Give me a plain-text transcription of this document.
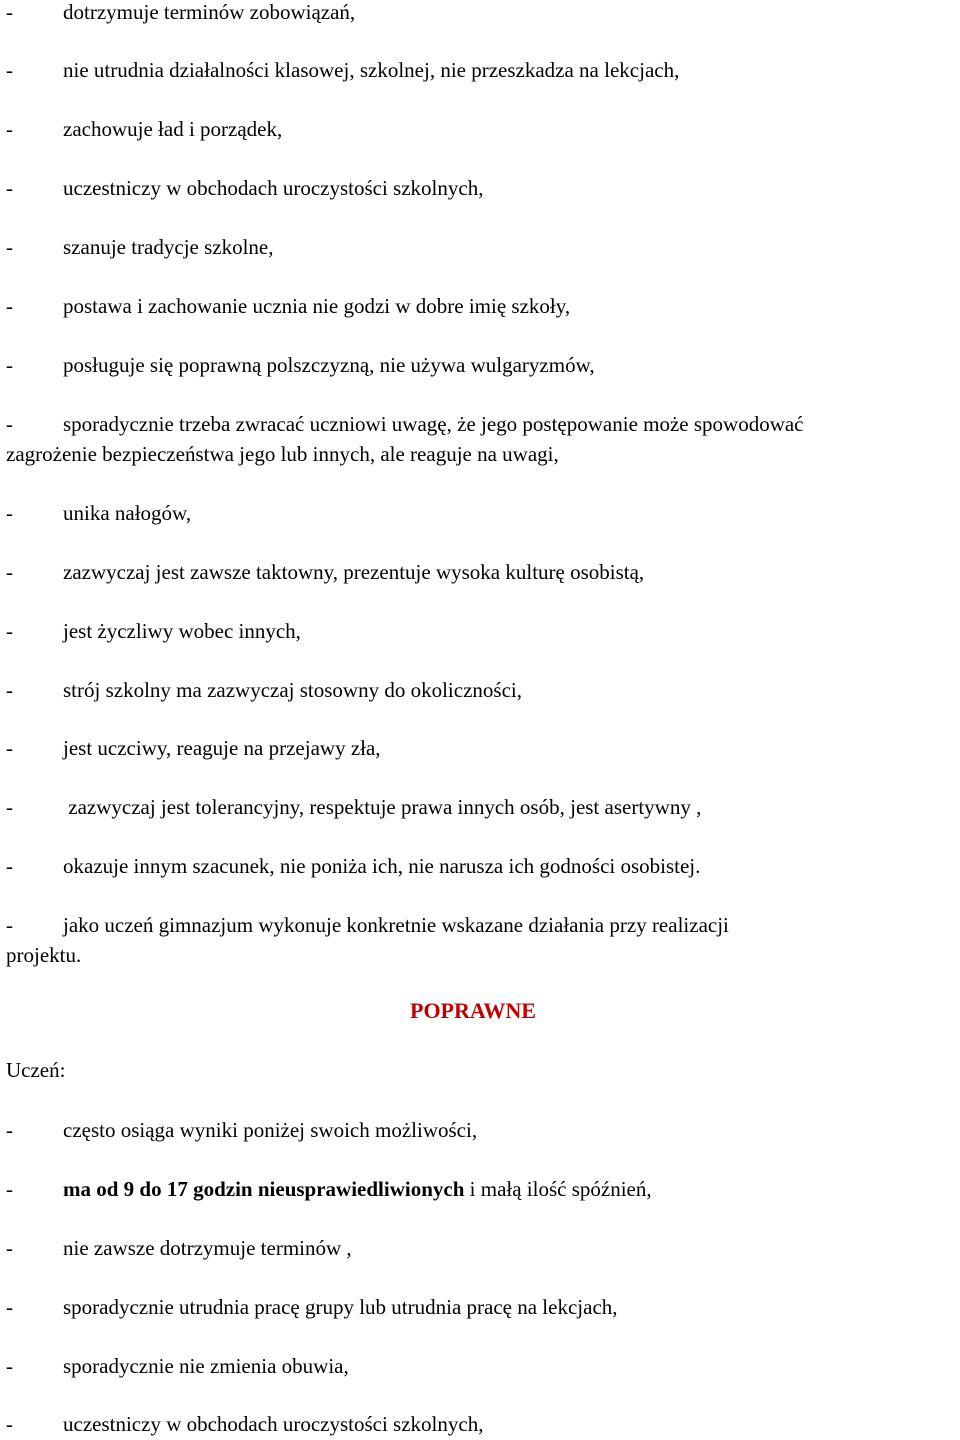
- dotrzymuje terminów zobowiązań,
- nie utrudnia działalności klasowej, szkolnej, nie przeszkadza na lekcjach,
- zachowuje ład i porządek,
- uczestniczy w obchodach uroczystości szkolnych,
- szanuje tradycje szkolne,
- postawa i zachowanie ucznia nie godzi w dobre imię szkoły,
- posługuje się poprawną polszczyzną, nie używa wulgaryzmów,
- sporadycznie trzeba zwracać uczniowi uwagę, że jego postępowanie może spowodować
zagrożenie bezpieczeństwa jego lub innych, ale reaguje na uwagi,
- unika nałogów,
- zazwyczaj jest zawsze taktowny, prezentuje wysoka kulturę osobistą,
- jest życzliwy wobec innych,
- strój szkolny ma zazwyczaj stosowny do okoliczności,
- jest uczciwy, reaguje na przejawy zła,
- zazwyczaj jest tolerancyjny, respektuje prawa innych osób, jest asertywny ,
- okazuje innym szacunek, nie poniża ich, nie narusza ich godności osobistej.
- jako uczeń gimnazjum wykonuje konkretnie wskazane działania przy realizacji
projektu.
POPRAWNE
Uczeń:
- często osiąga wyniki poniżej swoich możliwości,
- ma od 9 do 17 godzin nieusprawiedliwionych i małą ilość spóźnień,
- nie zawsze dotrzymuje terminów ,
- sporadycznie utrudnia pracę grupy lub utrudnia pracę na lekcjach,
- sporadycznie nie zmienia obuwia,
- uczestniczy w obchodach uroczystości szkolnych,
